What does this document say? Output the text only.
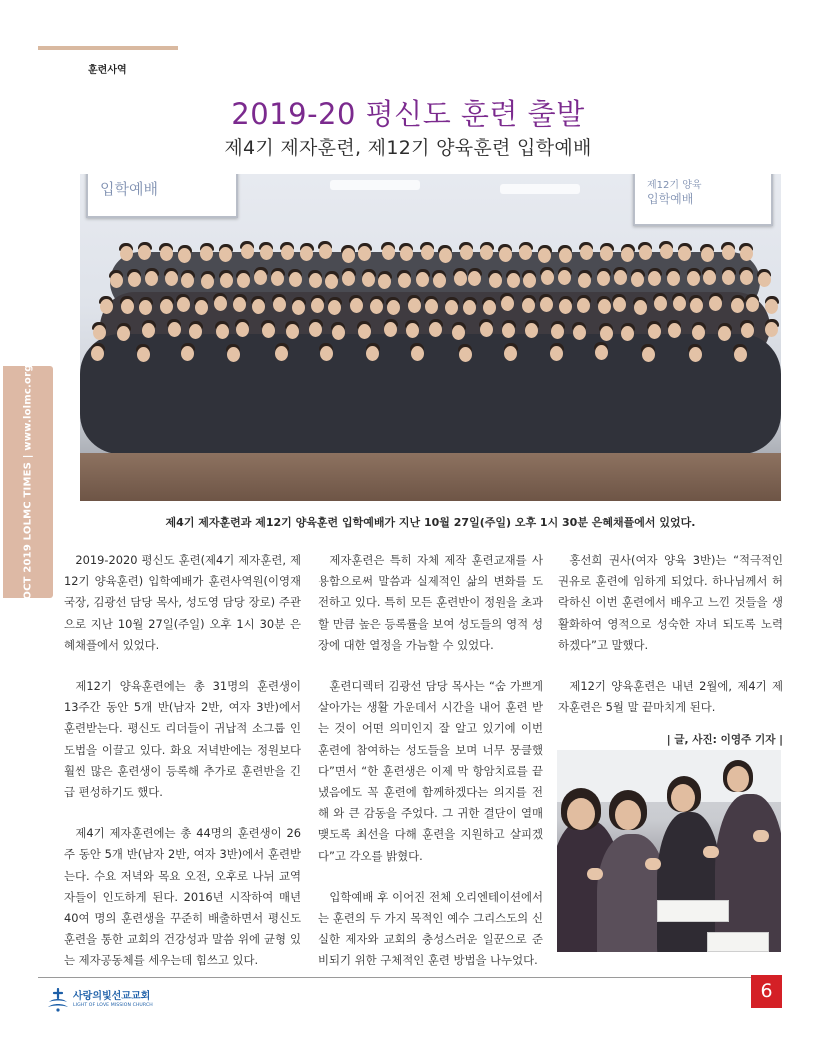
훈련사역
OCT 2019 LOLMC TIMES | www.lolmc.org
2019-20 평신도 훈련 출발
제4기 제자훈련, 제12기 양육훈련 입학예배
입학예배	제12기 양육
입학예배
제4기 제자훈련과 제12기 양육훈련 입학예배가 지난 10월 27일(주일) 오후 1시 30분 은혜채플에서 있었다.

2019-2020 평신도 훈련(제4기 제자훈련, 제12기 양육훈련) 입학예배가 훈련사역원(이영재 국장, 김광선 담당 목사, 성도영 담당 장로) 주관으로 지난 10월 27일(주일) 오후 1시 30분 은혜채플에서 있었다.

제12기 양육훈련에는 총 31명의 훈련생이 13주간 동안 5개 반(남자 2반, 여자 3반)에서 훈련받는다. 평신도 리더들이 귀납적 소그룹 인도법을 이끌고 있다. 화요 저녁반에는 정원보다 훨씬 많은 훈련생이 등록해 추가로 훈련반을 긴급 편성하기도 했다.

제4기 제자훈련에는 총 44명의 훈련생이 26주 동안 5개 반(남자 2반, 여자 3반)에서 훈련받는다. 수요 저녁와 목요 오전, 오후로 나뉘 교역자들이 인도하게 된다. 2016년 시작하여 매년 40여 명의 훈련생을 꾸준히 배출하면서 평신도 훈련을 통한 교회의 건강성과 말씀 위에 균형 있는 제자공동체를 세우는데 힘쓰고 있다.

제자훈련은 특히 자체 제작 훈련교재를 사용함으로써 말씀과 실제적인 삶의 변화를 도전하고 있다. 특히 모든 훈련반이 정원을 초과할 만큼 높은 등록률을 보여 성도들의 영적 성장에 대한 열정을 가늠할 수 있었다.

훈련디렉터 김광선 담당 목사는 “숨 가쁘게 살아가는 생활 가운데서 시간을 내어 훈련 받는 것이 어떤 의미인지 잘 알고 있기에 이번 훈련에 참여하는 성도들을 보며 너무 뭉클했다”면서 “한 훈련생은 이제 막 항암치료를 끝냈음에도 꼭 훈련에 함께하겠다는 의지를 전해 와 큰 감동을 주었다. 그 귀한 결단이 열매 맺도록 최선을 다해 훈련을 지원하고 살피겠다”고 각오를 밝혔다.

입학예배 후 이어진 전체 오리엔테이션에서는 훈련의 두 가지 목적인 예수 그리스도의 신실한 제자와 교회의 충성스러운 일꾼으로 준비되기 위한 구체적인 훈련 방법을 나누었다.

홍선희 권사(여자 양육 3반)는 “적극적인 권유로 훈련에 임하게 되었다. 하나님께서 허락하신 이번 훈련에서 배우고 느낀 것들을 생활화하여 영적으로 성숙한 자녀 되도록 노력하겠다”고 말했다.

제12기 양육훈련은 내년 2월에, 제4기 제자훈련은 5월 말 끝마치게 된다.

| 글, 사진: 이영주 기자 |
사랑의빛선교교회
LIGHT OF LOVE MISSION CHURCH
6
